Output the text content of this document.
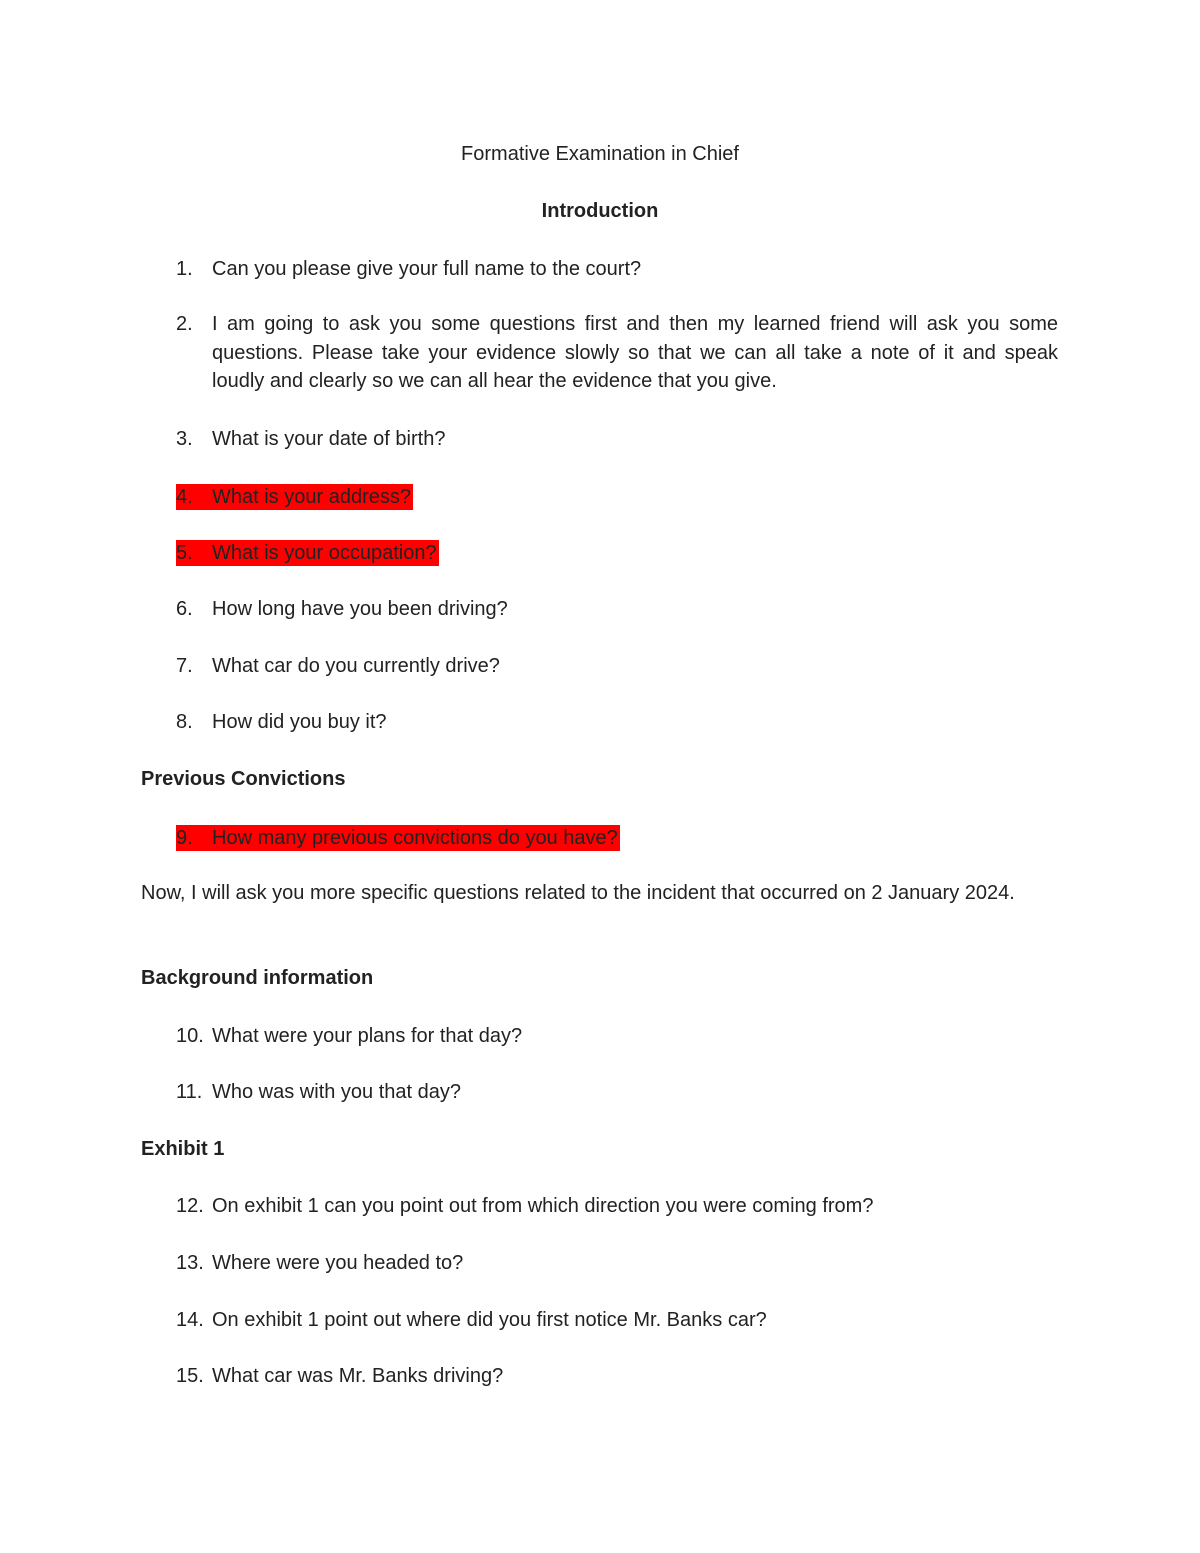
Formative Examination in Chief
Introduction
1. Can you please give your full name to the court?
2. I am going to ask you some questions first and then my learned friend will ask you some questions. Please take your evidence slowly so that we can all take a note of it and speak loudly and clearly so we can all hear the evidence that you give.
3. What is your date of birth?
4. What is your address?
5. What is your occupation?
6. How long have you been driving?
7. What car do you currently drive?
8. How did you buy it?
Previous Convictions
9. How many previous convictions do you have?
Now, I will ask you more specific questions related to the incident that occurred on 2 January 2024.
Background information
10. What were your plans for that day?
11. Who was with you that day?
Exhibit 1
12. On exhibit 1 can you point out from which direction you were coming from?
13. Where were you headed to?
14. On exhibit 1 point out where did you first notice Mr. Banks car?
15. What car was Mr. Banks driving?
